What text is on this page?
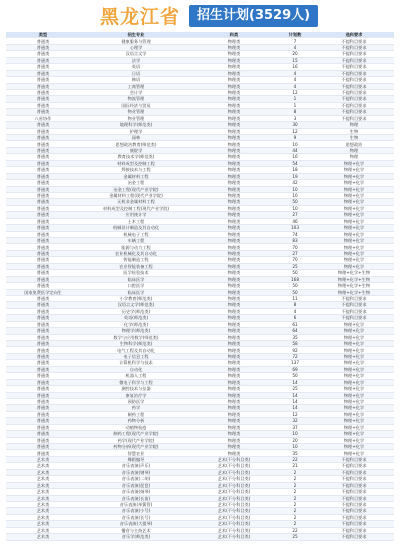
黑龙江省	招生计划(3529人)
类型	招生专业	科类	计划数	选科要求
普通类	健康服务与管理	物理类	7	不提科目要求
普通类	心理学	物理类	4	不提科目要求
普通类	汉语言文学	物理类	20	不提科目要求
普通类	法学	物理类	15	不提科目要求
普通类	英语	物理类	16	不提科目要求
普通类	日语	物理类	4	不提科目要求
普通类	韩语	物理类	4	不提科目要求
普通类	工商管理	物理类	4	不提科目要求
普通类	会计学	物理类	12	不提科目要求
普通类	物流管理	物理类	1	不提科目要求
普通类	国际经济与贸易	物理类	1	不提科目要求
普通类	物业管理	物理类	8	不提科目要求
八省协作	物业管理	物理类	3	不提科目要求
普通类	地理科学(师范类)	物理类	30	物理
普通类	护理学	物理类	12	生物
普通类	园林	物理类	9	生物
普通类	思想政治教育(师范类)	物理类	10	思想政治
普通类	康院学	物理类	44	物理
普通类	教育技术学(师范类)	物理类	16	物理
普通类	材料成型及控制工程	物理类	54	物理+化学
普通类	焊接技术与工程	物理类	18	物理+化学
普通类	金属材料工程	物理类	19	物理+化学
普通类	冶金工程	物理类	42	物理+化学
普通类	冶金工程(现代产业学院)	物理类	10	物理+化学
普通类	金属材料工程(现代产业学院)	物理类	10	物理+化学
普通类	无机非金属材料工程	物理类	50	物理+化学
普通类	材料成型及控制工程(现代产业学院)	物理类	10	物理+化学
普通类	应用统计学	物理类	27	物理+化学
普通类	土木工程	物理类	46	物理+化学
普通类	机械设计制造及其自动化	物理类	103	物理+化学
普通类	机械电子工程	物理类	74	物理+化学
普通类	车辆工程	物理类	83	物理+化学
普通类	能源与动力工程	物理类	70	物理+化学
普通类	农业机械化及其自动化	物理类	27	物理+化学
普通类	智能制造工程	物理类	70	物理+化学
普通类	农业智能装备工程	物理类	25	物理+化学
普通类	医学检验技术	物理类	50	物理+化学+生物
普通类	临床医学	物理类	168	物理+化学+生物
普通类	口腔医学	物理类	50	物理+化学+生物
国家免费医学定向生	临床医学	物理类	50	物理+化学+生物
普通类	小学教育(师范类)	物理类	11	不提科目要求
普通类	汉语言文学(师范类)	物理类	8	不提科目要求
普通类	历史学(师范类)	物理类	4	不提科目要求
普通类	英语(师范类)	物理类	6	不提科目要求
普通类	化学(师范类)	物理类	61	物理+化学
普通类	物理学(师范类)	物理类	64	物理+化学
普通类	数学与应用数学(师范类)	物理类	35	物理+化学
普通类	生物科学(师范类)	物理类	58	物理+化学
普通类	电气工程及其自动化	物理类	92	物理+化学
普通类	电子信息工程	物理类	72	物理+化学
普通类	计算机科学与技术	物理类	137	物理+化学
普通类	自动化	物理类	69	物理+化学
普通类	机器人工程	物理类	50	物理+化学
普通类	微电子科学与工程	物理类	14	物理+化学
普通类	测控技术与仪器	物理类	25	物理+化学
普通类	康复治疗学	物理类	14	物理+化学
普通类	预防医学	物理类	14	物理+化学
普通类	药学	物理类	14	物理+化学
普通类	制药工程	物理类	12	物理+化学
普通类	药物分析	物理类	32	物理+化学
普通类	动植物检疫	物理类	37	物理+化学
普通类	制药工程(现代产业学院)	物理类	10	物理+化学
普通类	药学(现代产业学院)	物理类	20	物理+化学
普通类	药物分析(现代产业学院)	物理类	10	物理+化学
普通类	智慧农业	物理类	35	物理+化学
艺术类	舞蹈编导	艺术(不分科目类)	22	不提科目要求
艺术类	音乐表演(声乐)	艺术(不分科目类)	21	不提科目要求
艺术类	音乐表演(钢琴)	艺术(不分科目类)	2	不提科目要求
艺术类	音乐表演(二胡)	艺术(不分科目类)	2	不提科目要求
艺术类	音乐表演(琵琶)	艺术(不分科目类)	2	不提科目要求
艺术类	音乐表演(扬琴)	艺术(不分科目类)	2	不提科目要求
艺术类	音乐表演(长笛)	艺术(不分科目类)	2	不提科目要求
艺术类	音乐表演(单簧管)	艺术(不分科目类)	2	不提科目要求
艺术类	音乐表演(小号)	艺术(不分科目类)	2	不提科目要求
艺术类	音乐表演(长号)	艺术(不分科目类)	2	不提科目要求
艺术类	音乐表演(大提琴)	艺术(不分科目类)	2	不提科目要求
艺术类	播音与主持艺术	艺术(不分科目类)	22	不提科目要求
艺术类	音乐学(师范类)	艺术(不分科目类)	25	不提科目要求
